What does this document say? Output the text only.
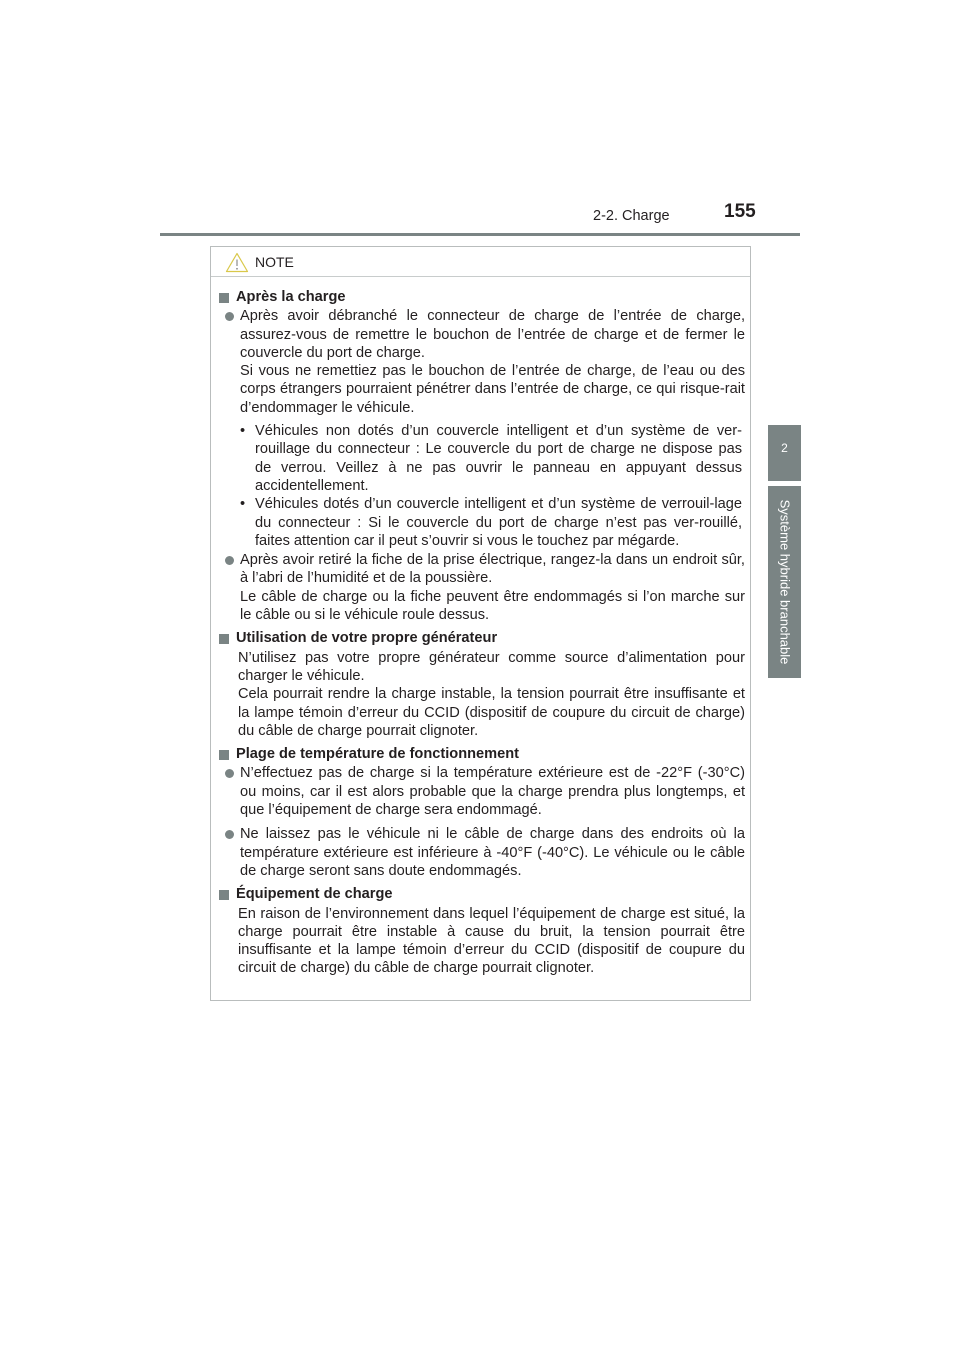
2-2. Charge	155
2
Système hybride branchable
NOTE
Après la charge
Après avoir débranché le connecteur de charge de l’entrée de charge, assurez-vous de remettre le bouchon de l’entrée de charge et de fermer le couvercle du port de charge.
Si vous ne remettiez pas le bouchon de l’entrée de charge, de l’eau ou des corps étrangers pourraient pénétrer dans l’entrée de charge, ce qui risque-rait d’endommager le véhicule.
• Véhicules non dotés d’un couvercle intelligent et d’un système de ver-rouillage du connecteur : Le couvercle du port de charge ne dispose pas de verrou. Veillez à ne pas ouvrir le panneau en appuyant dessus accidentellement.
• Véhicules dotés d’un couvercle intelligent et d’un système de verrouil-lage du connecteur : Si le couvercle du port de charge n’est pas ver-rouillé, faites attention car il peut s’ouvrir si vous le touchez par mégarde.
Après avoir retiré la fiche de la prise électrique, rangez-la dans un endroit sûr, à l’abri de l’humidité et de la poussière.
Le câble de charge ou la fiche peuvent être endommagés si l’on marche sur le câble ou si le véhicule roule dessus.
Utilisation de votre propre générateur
N’utilisez pas votre propre générateur comme source d’alimentation pour charger le véhicule.
Cela pourrait rendre la charge instable, la tension pourrait être insuffisante et la lampe témoin d’erreur du CCID (dispositif de coupure du circuit de charge) du câble de charge pourrait clignoter.
Plage de température de fonctionnement
N’effectuez pas de charge si la température extérieure est de -22°F (-30°C) ou moins, car il est alors probable que la charge prendra plus longtemps, et que l’équipement de charge sera endommagé.
Ne laissez pas le véhicule ni le câble de charge dans des endroits où la température extérieure est inférieure à -40°F (-40°C). Le véhicule ou le câble de charge seront sans doute endommagés.
Équipement de charge
En raison de l’environnement dans lequel l’équipement de charge est situé, la charge pourrait être instable à cause du bruit, la tension pourrait être insuffisante et la lampe témoin d’erreur du CCID (dispositif de coupure du circuit de charge) du câble de charge pourrait clignoter.
